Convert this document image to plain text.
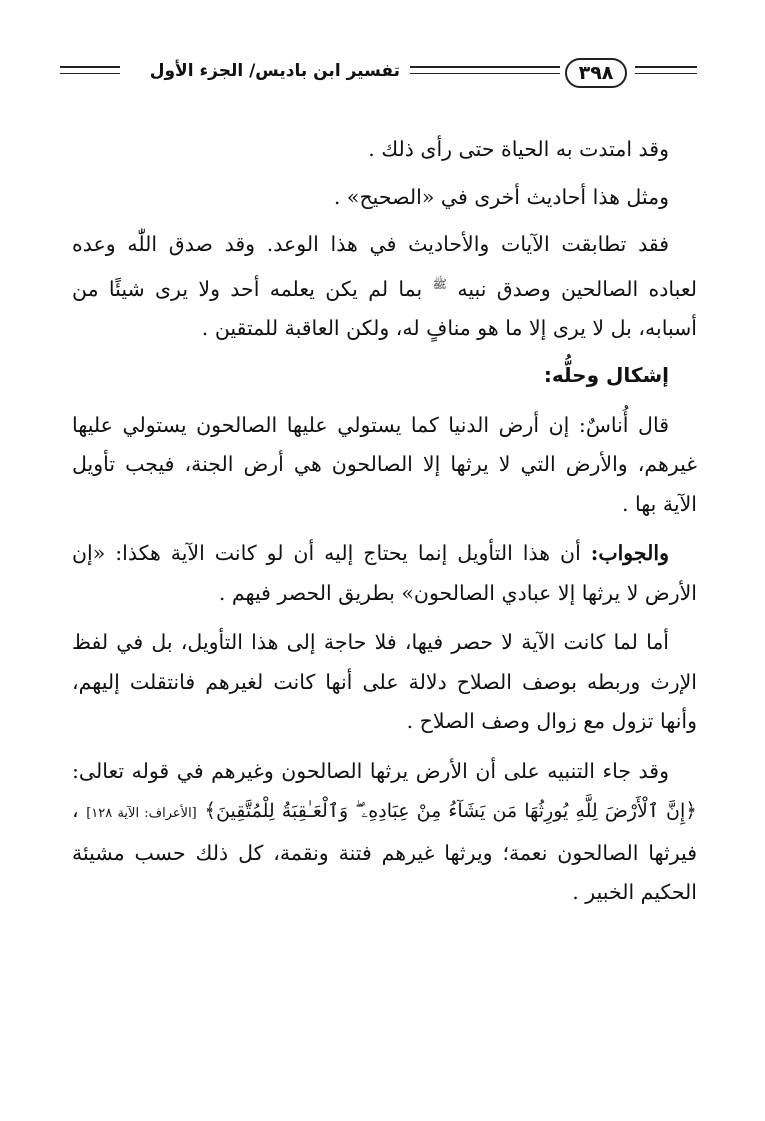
٣٩٨
تفسير ابن باديس/ الجزء الأول

وقد امتدت به الحياة حتى رأى ذلك .

ومثل هذا أحاديث أخرى في «الصحيح» .

فقد تطابقت الآيات والأحاديث في هذا الوعد. وقد صدق اللّٰه وعده لعباده الصالحين وصدق نبيه $^ﷺ$ بما لم يكن يعلمه أحد ولا يرى شيئًا من أسبابه، بل لا يرى إلا ما هو منافٍ له، ولكن العاقبة للمتقين .

إشكال وحلُّه:

قال أُناسٌ: إن أرض الدنيا كما يستولي عليها الصالحون يستولي عليها غيرهم، والأرض التي لا يرثها إلا الصالحون هي أرض الجنة، فيجب تأويل الآية بها .

والجواب: أن هذا التأويل إنما يحتاج إليه أن لو كانت الآية هكذا: «إن الأرض لا يرثها إلا عبادي الصالحون» بطريق الحصر فيهم .

أما لما كانت الآية لا حصر فيها، فلا حاجة إلى هذا التأويل، بل في لفظ الإرث وربطه بوصف الصلاح دلالة على أنها كانت لغيرهم فانتقلت إليهم، وأنها تزول مع زوال وصف الصلاح .

وقد جاء التنبيه على أن الأرض يرثها الصالحون وغيرهم في قوله تعالى: ﴿إِنَّ ٱلْأَرْضَ لِلَّهِ يُورِثُهَا مَن يَشَآءُ مِنْ عِبَادِهِۦ ۖ وَٱلْعَـٰقِبَةُ لِلْمُتَّقِينَ﴾ [الأعراف: الآية ١٢٨] ، فيرثها الصالحون نعمة؛ ويرثها غيرهم فتنة ونقمة، كل ذلك حسب مشيئة الحكيم الخبير .
